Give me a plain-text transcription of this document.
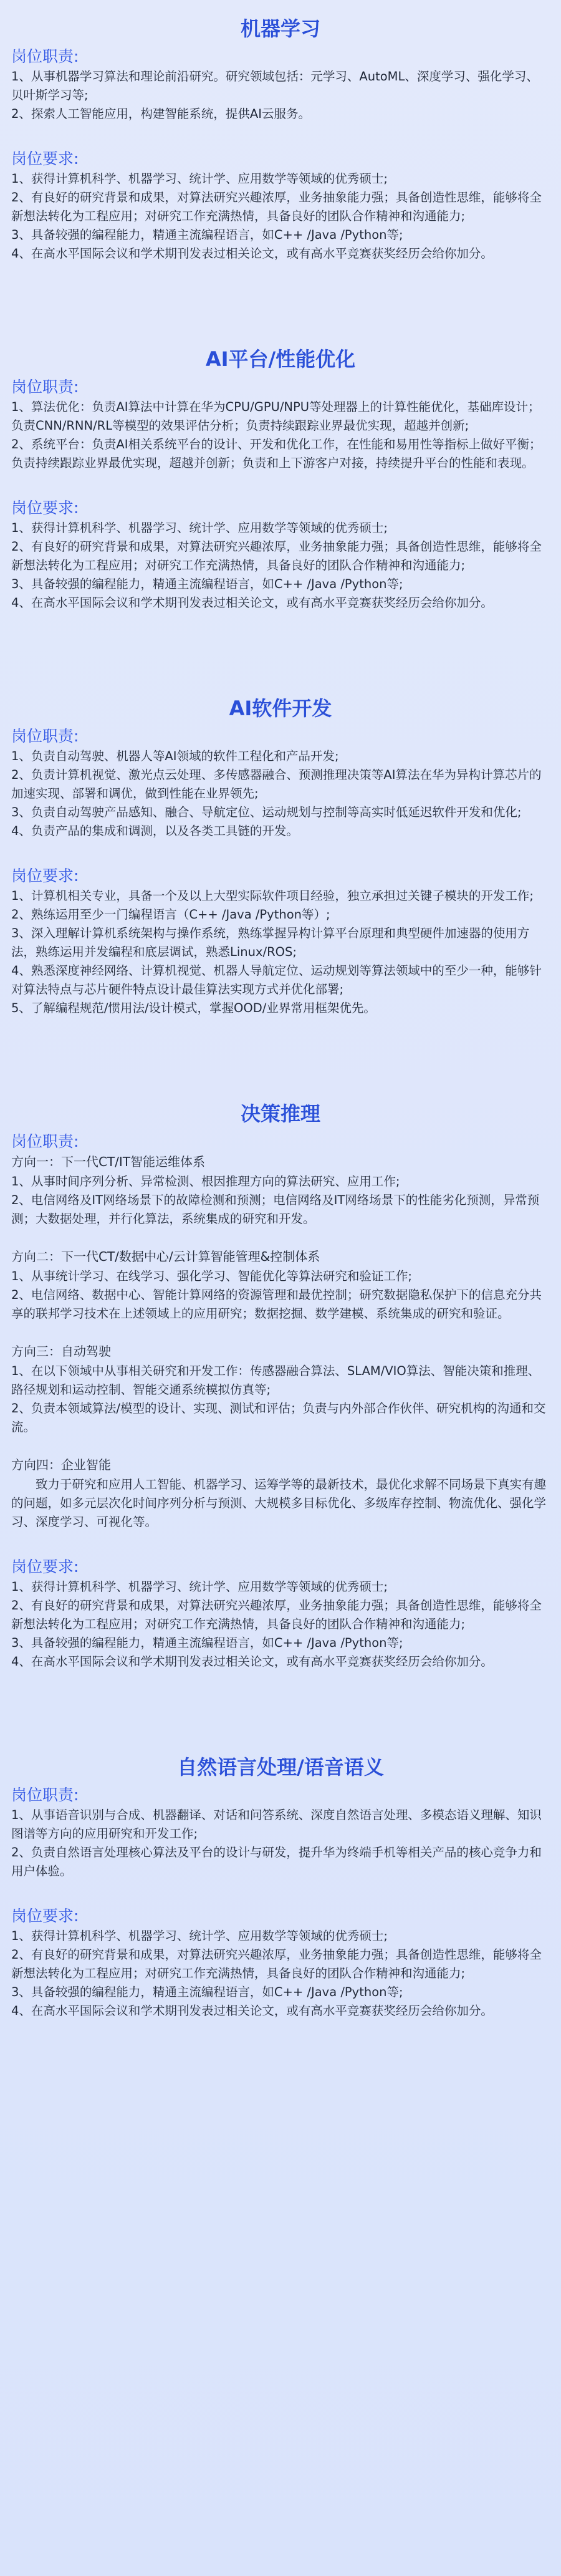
机器学习
岗位职责:

1、从事机器学习算法和理论前沿研究。研究领域包括：元学习、AutoML、深度学习、强化学习、贝叶斯学习等;

2、探索人工智能应用，构建智能系统，提供AI云服务。

岗位要求:

1、获得计算机科学、机器学习、统计学、应用数学等领域的优秀硕士;

2、有良好的研究背景和成果，对算法研究兴趣浓厚，业务抽象能力强；具备创造性思维，能够将全新想法转化为工程应用；对研究工作充满热情，具备良好的团队合作精神和沟通能力;

3、具备较强的编程能力，精通主流编程语言，如C++ /Java /Python等;

4、在高水平国际会议和学术期刊发表过相关论文，或有高水平竞赛获奖经历会给你加分。

AI平台/性能优化
岗位职责:

1、算法优化：负责AI算法中计算在华为CPU/GPU/NPU等处理器上的计算性能优化，基础库设计；负责CNN/RNN/RL等模型的效果评估分析；负责持续跟踪业界最优实现，超越并创新;

2、系统平台：负责AI相关系统平台的设计、开发和优化工作，在性能和易用性等指标上做好平衡；负责持续跟踪业界最优实现，超越并创新；负责和上下游客户对接，持续提升平台的性能和表现。

岗位要求:

1、获得计算机科学、机器学习、统计学、应用数学等领域的优秀硕士;

2、有良好的研究背景和成果，对算法研究兴趣浓厚，业务抽象能力强；具备创造性思维，能够将全新想法转化为工程应用；对研究工作充满热情，具备良好的团队合作精神和沟通能力;

3、具备较强的编程能力，精通主流编程语言，如C++ /Java /Python等;

4、在高水平国际会议和学术期刊发表过相关论文，或有高水平竞赛获奖经历会给你加分。

AI软件开发
岗位职责:

1、负责自动驾驶、机器人等AI领域的软件工程化和产品开发;

2、负责计算机视觉、激光点云处理、多传感器融合、预测推理决策等AI算法在华为异构计算芯片的加速实现、部署和调优，做到性能在业界领先;

3、负责自动驾驶产品感知、融合、导航定位、运动规划与控制等高实时低延迟软件开发和优化;

4、负责产品的集成和调测，以及各类工具链的开发。

岗位要求:

1、计算机相关专业，具备一个及以上大型实际软件项目经验，独立承担过关键子模块的开发工作;

2、熟练运用至少一门编程语言（C++ /Java /Python等）;

3、深入理解计算机系统架构与操作系统，熟练掌握异构计算平台原理和典型硬件加速器的使用方法，熟练运用并发编程和底层调试，熟悉Linux/ROS;

4、熟悉深度神经网络、计算机视觉、机器人导航定位、运动规划等算法领域中的至少一种，能够针对算法特点与芯片硬件特点设计最佳算法实现方式并优化部署;

5、了解编程规范/惯用法/设计模式，掌握OOD/业界常用框架优先。

决策推理
岗位职责:
方向一：下一代CT/IT智能运维体系

1、从事时间序列分析、异常检测、根因推理方向的算法研究、应用工作;

2、电信网络及IT网络场景下的故障检测和预测；电信网络及IT网络场景下的性能劣化预测，异常预测；大数据处理，并行化算法，系统集成的研究和开发。

方向二：下一代CT/数据中心/云计算智能管理&控制体系

1、从事统计学习、在线学习、强化学习、智能优化等算法研究和验证工作;

2、电信网络、数据中心、智能计算网络的资源管理和最优控制；研究数据隐私保护下的信息充分共享的联邦学习技术在上述领域上的应用研究；数据挖掘、数学建模、系统集成的研究和验证。

方向三：自动驾驶

1、在以下领域中从事相关研究和开发工作：传感器融合算法、SLAM/VIO算法、智能决策和推理、路径规划和运动控制、智能交通系统模拟仿真等;

2、负责本领域算法/模型的设计、实现、测试和评估；负责与内外部合作伙伴、研究机构的沟通和交流。

方向四：企业智能

致力于研究和应用人工智能、机器学习、运筹学等的最新技术，最优化求解不同场景下真实有趣的问题，如多元层次化时间序列分析与预测、大规模多目标优化、多级库存控制、物流优化、强化学习、深度学习、可视化等。

岗位要求:

1、获得计算机科学、机器学习、统计学、应用数学等领域的优秀硕士;

2、有良好的研究背景和成果，对算法研究兴趣浓厚，业务抽象能力强；具备创造性思维，能够将全新想法转化为工程应用；对研究工作充满热情，具备良好的团队合作精神和沟通能力;

3、具备较强的编程能力，精通主流编程语言，如C++ /Java /Python等;

4、在高水平国际会议和学术期刊发表过相关论文，或有高水平竞赛获奖经历会给你加分。

自然语言处理/语音语义
岗位职责:

1、从事语音识别与合成、机器翻译、对话和问答系统、深度自然语言处理、多模态语义理解、知识图谱等方向的应用研究和开发工作;

2、负责自然语言处理核心算法及平台的设计与研发，提升华为终端手机等相关产品的核心竞争力和用户体验。

岗位要求:

1、获得计算机科学、机器学习、统计学、应用数学等领域的优秀硕士;

2、有良好的研究背景和成果，对算法研究兴趣浓厚，业务抽象能力强；具备创造性思维，能够将全新想法转化为工程应用；对研究工作充满热情，具备良好的团队合作精神和沟通能力;

3、具备较强的编程能力，精通主流编程语言，如C++ /Java /Python等;

4、在高水平国际会议和学术期刊发表过相关论文，或有高水平竞赛获奖经历会给你加分。
